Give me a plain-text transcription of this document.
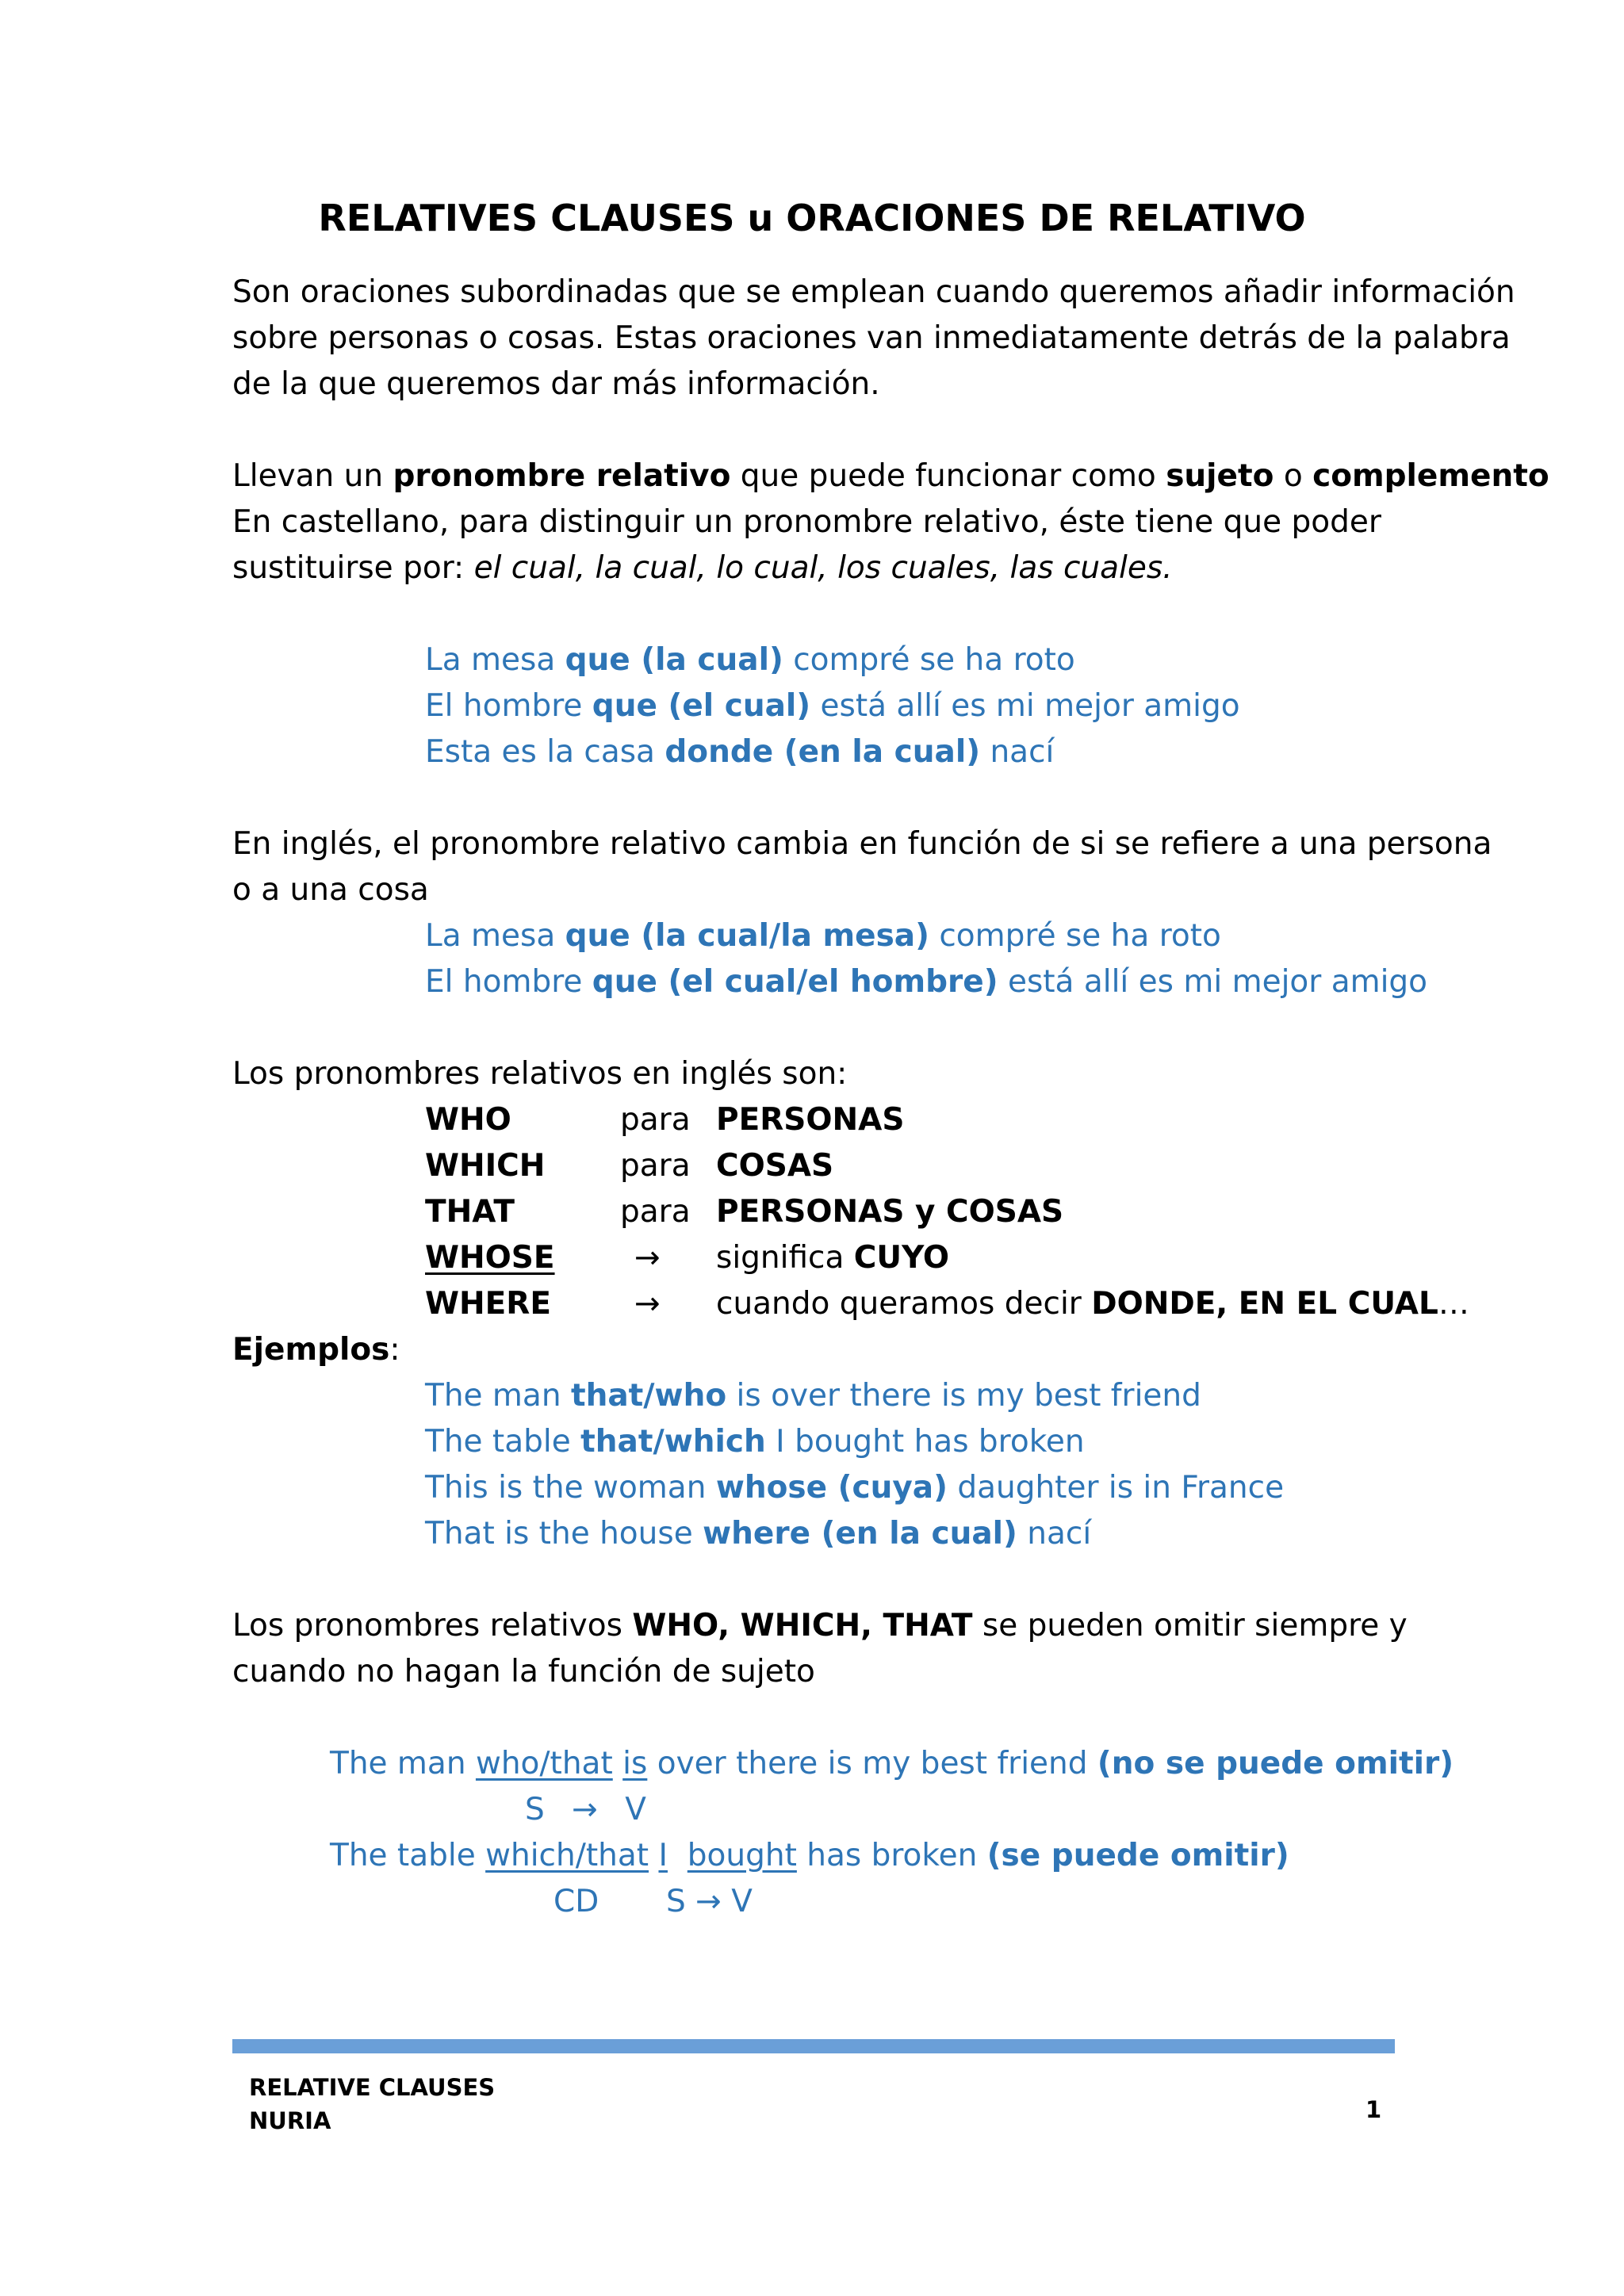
RELATIVES CLAUSES u ORACIONES DE RELATIVO
Son oraciones subordinadas que se emplean cuando queremos añadir información
sobre personas o cosas. Estas oraciones van inmediatamente detrás de la palabra
de la que queremos dar más información.
Llevan un pronombre relativo que puede funcionar como sujeto o complemento
En castellano, para distinguir un pronombre relativo, éste tiene que poder
sustituirse por: el cual, la cual, lo cual, los cuales, las cuales.
La mesa que (la cual) compré se ha roto
El hombre que (el cual) está allí es mi mejor amigo
Esta es la casa donde (en la cual) nací
En inglés, el pronombre relativo cambia en función de si se refiere a una persona
o a una cosa
La mesa que (la cual/la mesa) compré se ha roto
El hombre que (el cual/el hombre) está allí es mi mejor amigo
Los pronombres relativos en inglés son:
WHO	para PERSONAS
WHICH para COSAS
THAT	para PERSONAS y COSAS
WHOSE	→ significa CUYO
WHERE	→ cuando queramos decir DONDE, EN EL CUAL…
Ejemplos:
The man that/who is over there is my best friend
The table that/which I bought has broken
This is the woman whose (cuya) daughter is in France
That is the house where (en la cual) nací
Los pronombres relativos WHO, WHICH, THAT se pueden omitir siempre y
cuando no hagan la función de sujeto
The man who/that is over there is my best friend (no se puede omitir)
S → V
The table which/that I bought has broken (se puede omitir)
CD S → V
RELATIVE CLAUSES
NURIA	1
